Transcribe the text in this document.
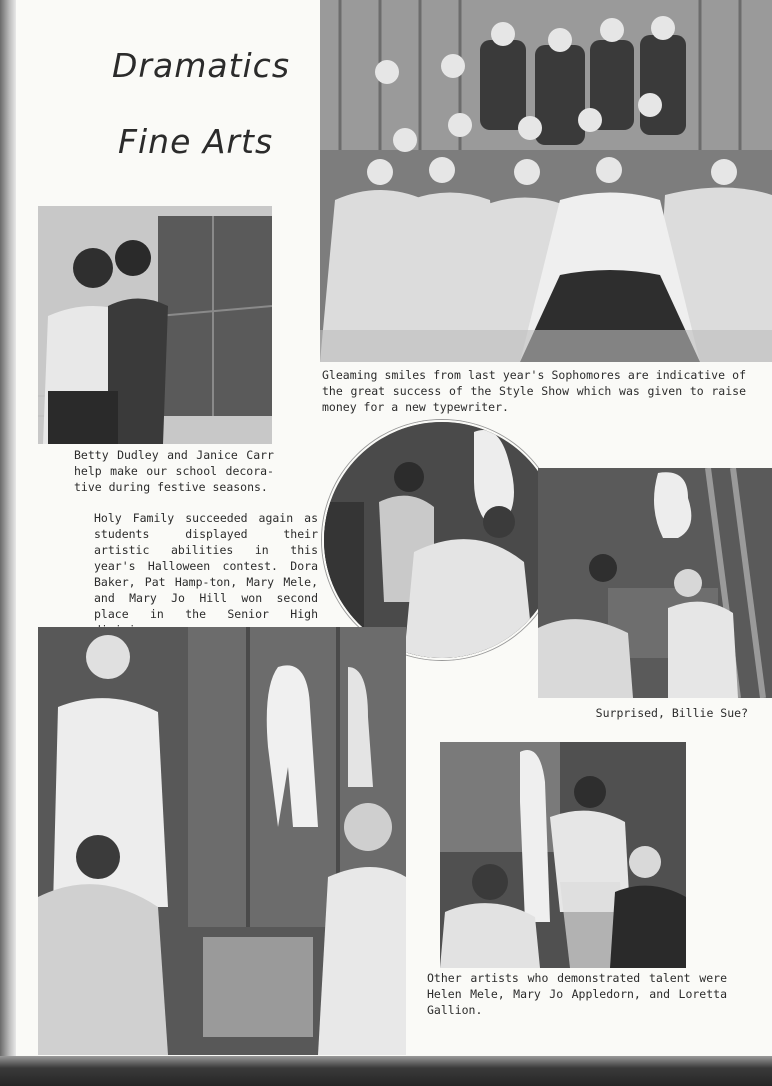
Dramatics
Fine Arts

Gleaming smiles from last year's Sophomores are indicative of the great success of the Style Show which was given to raise money for a new typewriter.

Betty Dudley and Janice Carr help make our school decora-tive during festive seasons.

Holy Family succeeded again as students displayed their artistic abilities in this year's Halloween contest. Dora Baker, Pat Hamp-ton, Mary Mele, and Mary Jo Hill won second place in the Senior High

Surprised, Billie Sue?

Other artists who demonstrated talent were Helen Mele, Mary Jo Appledorn, and Loretta Gallion.
